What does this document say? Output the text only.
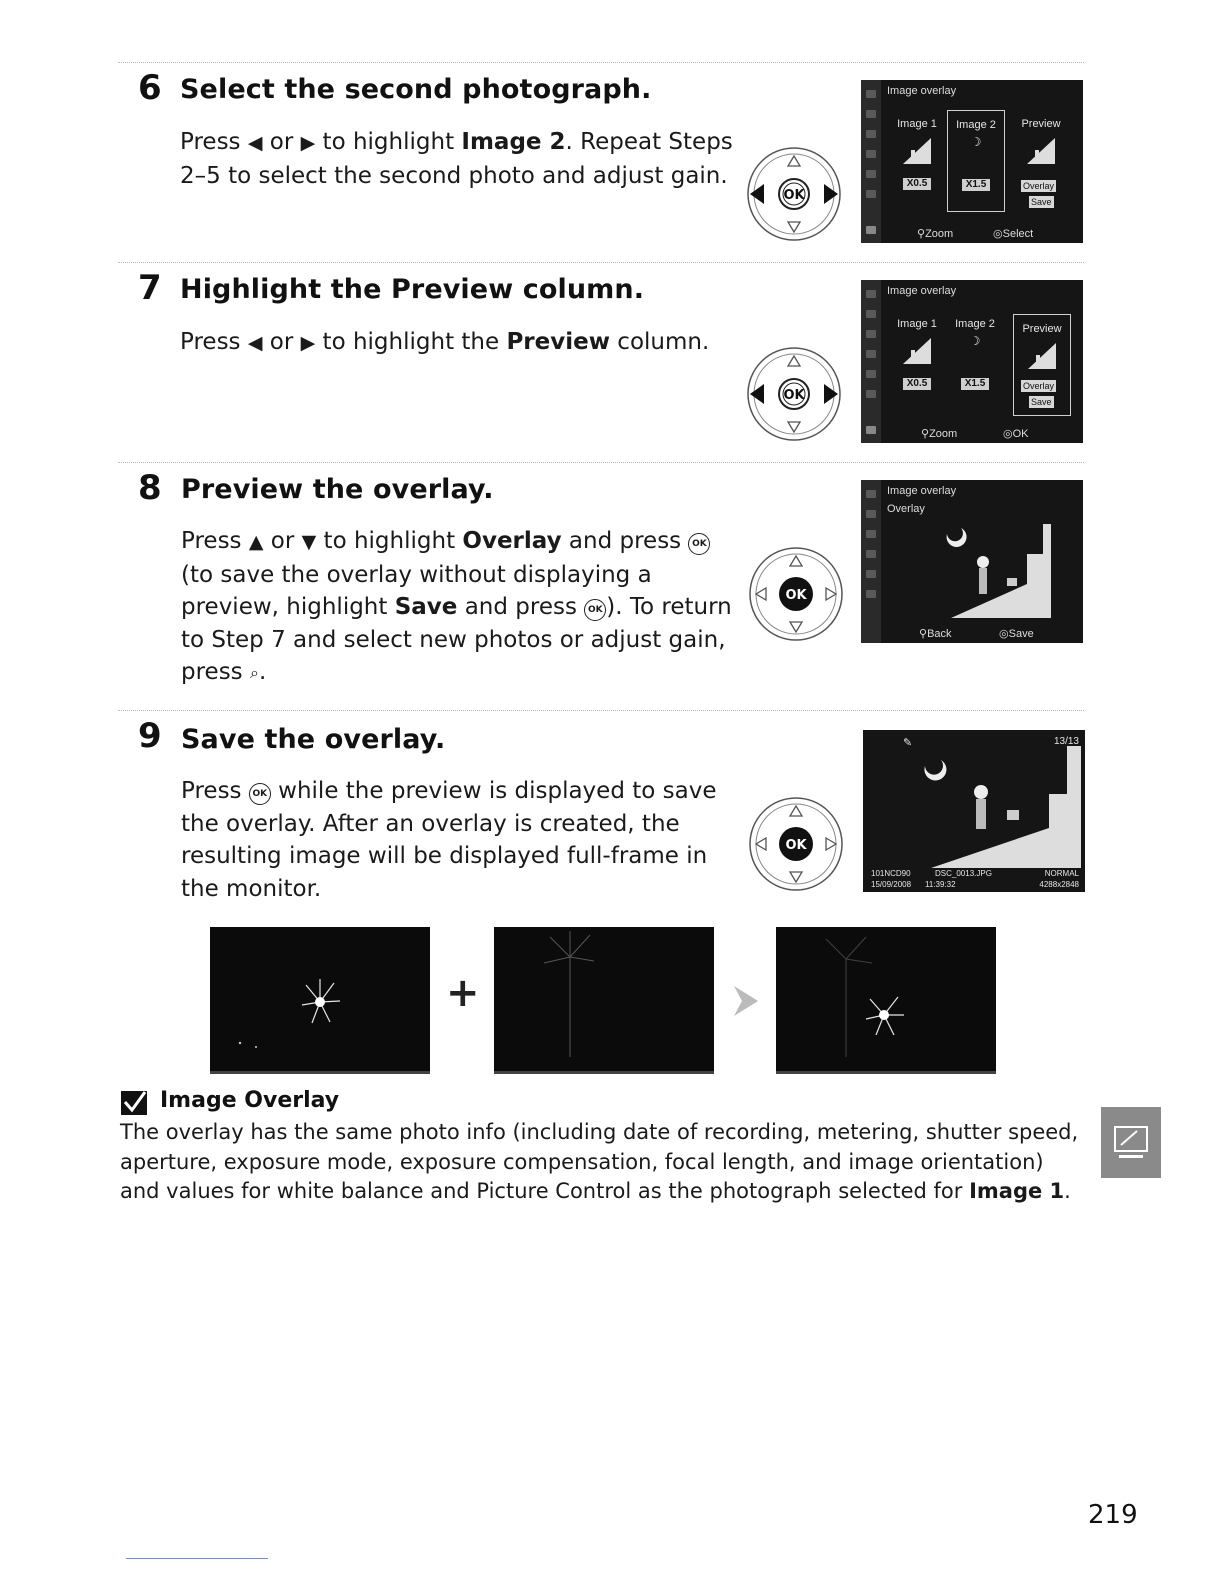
6 Select the second photograph.
Press ◀ or ▶ to highlight Image 2. Repeat Steps 2–5 to select the second photo and adjust gain.
OK
Image overlay
Image 1
X0.5
Image 2
☽
X1.5
Preview
Overlay
Save
⚲Zoom	◎Select
7 Highlight the Preview column.
Press ◀ or ▶ to highlight the Preview column.
OK
Image overlay
Image 1
X0.5
Image 2
☽
X1.5
Preview
Overlay
Save
⚲Zoom	◎OK
8 Preview the overlay.
Press ▲ or ▼ to highlight Overlay and press OK (to save the overlay without displaying a preview, highlight Save and press OK ). To return to Step 7 and select new photos or adjust gain, press ⌕.
OK
Image overlay
Overlay
⚲Back	◎Save
9 Save the overlay.
Press OK while the preview is displayed to save the overlay. After an overlay is created, the resulting image will be displayed full-frame in the monitor.
OK
✎	13/13
101NCD90	DSC_0013.JPG	NORMAL
15/09/2008 11:39:32	4288x2848
+
Image Overlay
The overlay has the same photo info (including date of recording, metering, shutter speed, aperture, exposure mode, exposure compensation, focal length, and image orientation) and values for white balance and Picture Control as the photograph selected for Image 1.
219
